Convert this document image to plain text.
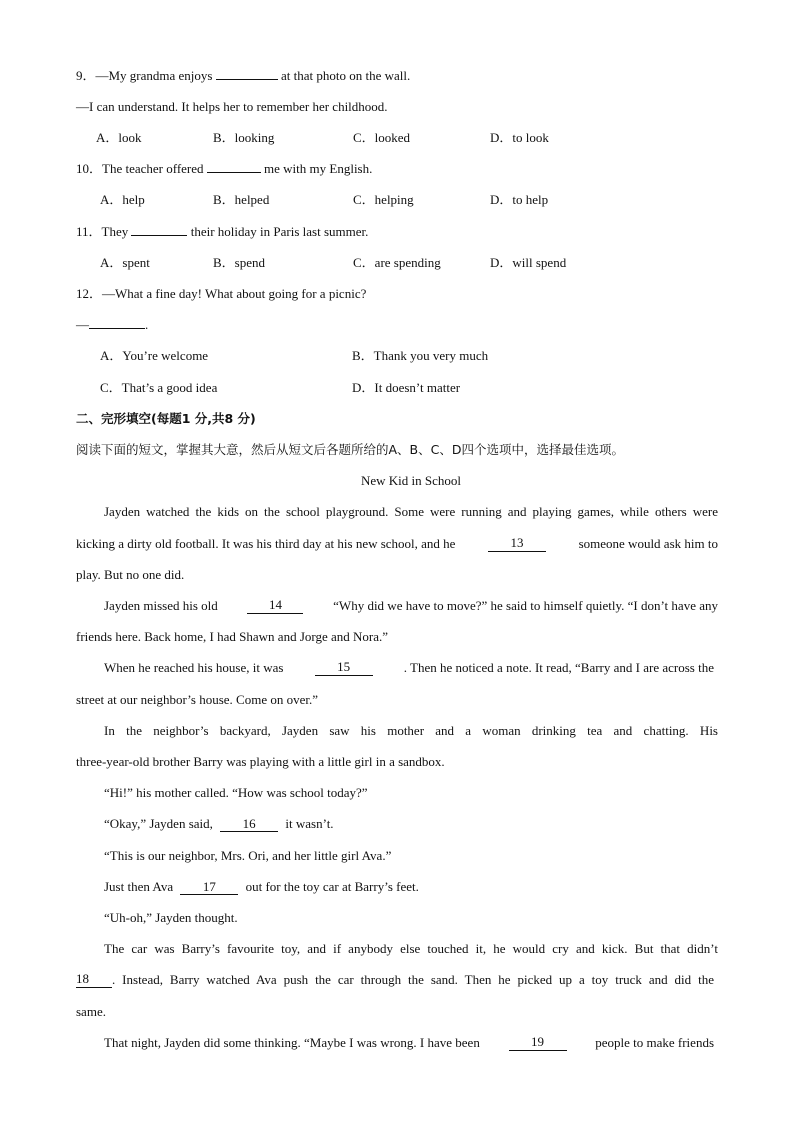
9．—My grandma enjoys	at that photo on the wall.
—I can understand. It helps her to remember her childhood.
A．look	B．looking	C．looked	D．to look
10．The teacher offered	me with my English.
A．help	B．helped	C．helping	D．to help
11．They	their holiday in Paris last summer.
A．spent	B．spend	C．are spending	D．will spend
12．—What a fine day! What about going for a picnic?
—	.
A．You’re welcome	B．Thank you very much
C．That’s a good idea	D．It doesn’t matter
二、完形填空(每题1 分,共8 分)
阅读下面的短文，掌握其大意，然后从短文后各题所给的A、B、C、D四个选项中，选择最佳选项。
New Kid in School
Jayden watched the kids on the school playground. Some were running and playing games, while others were
kicking a dirty old football. It was his third day at his new school, and he	13	someone would ask him to
play. But no one did.
Jayden missed his old	14	“Why did we have to move?” he said to himself quietly. “I don’t have any
friends here. Back home, I had Shawn and Jorge and Nora.”
When he reached his house, it was	15	. Then he noticed a note. It read, “Barry and I are across the
street at our neighbor’s house. Come on over.”
In the neighbor’s backyard, Jayden saw his mother and a woman drinking tea and chatting. His
three-year-old brother Barry was playing with a little girl in a sandbox.
“Hi!” his mother called. “How was school today?”
“Okay,” Jayden said, 16 it wasn’t.
“This is our neighbor, Mrs. Ori, and her little girl Ava.”
Just then Ava 17 out for the toy car at Barry’s feet.
“Uh-oh,” Jayden thought.
The car was Barry’s favourite toy, and if anybody else touched it, he would cry and kick. But that didn’t
18	. Instead, Barry watched Ava push the car through the sand. Then he picked up a toy truck and did the
same.
That night, Jayden did some thinking. “Maybe I was wrong. I have been	19	people to make friends
